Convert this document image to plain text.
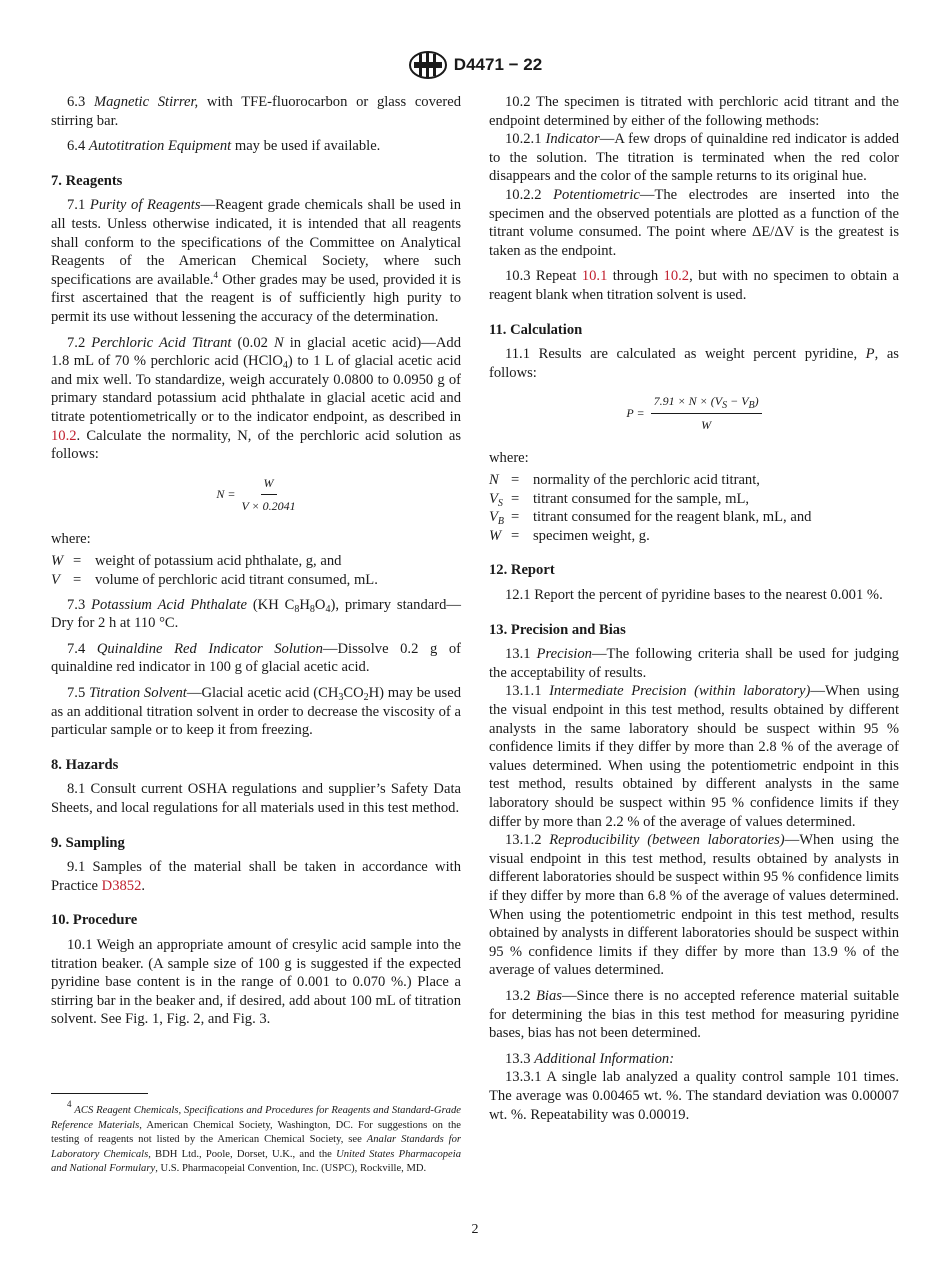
D4471 − 22

6.3 Magnetic Stirrer, with TFE-fluorocarbon or glass covered stirring bar.

6.4 Autotitration Equipment may be used if available.

7. Reagents

7.1 Purity of Reagents—Reagent grade chemicals shall be used in all tests. Unless otherwise indicated, it is intended that all reagents shall conform to the specifications of the Committee on Analytical Reagents of the American Chemical Society, where such specifications are available.$^4$ Other grades may be used, provided it is first ascertained that the reagent is of sufficiently high purity to permit its use without lessening the accuracy of the determination.

7.2 Perchloric Acid Titrant (0.02 N in glacial acetic acid)—Add 1.8 mL of 70 % perchloric acid (HClO$_4$) to 1 L of glacial acetic acid and mix well. To standardize, weigh accurately 0.0800 to 0.0950 g of primary standard potassium acid phthalate in glacial acetic acid and titrate potentiometrically or to the indicator endpoint, as described in 10.2. Calculate the normality, N, of the perchloric acid solution as follows:

$N = \frac{W}{V \times 0.2041}$
where:
W = weight of potassium acid phthalate, g, and
V = volume of perchloric acid titrant consumed, mL.

7.3 Potassium Acid Phthalate (KH $C_8H_8O_4$), primary standard—Dry for 2 h at 110 °C.

7.4 Quinaldine Red Indicator Solution—Dissolve 0.2 g of quinaldine red indicator in 100 g of glacial acetic acid.

7.5 Titration Solvent—Glacial acetic acid $(CH_3CO_2H)$ may be used as an additional titration solvent in order to decrease the viscosity of a particular sample or to keep it from freezing.

8. Hazards

8.1 Consult current OSHA regulations and supplier’s Safety Data Sheets, and local regulations for all materials used in this test method.

9. Sampling

9.1 Samples of the material shall be taken in accordance with Practice D3852.

10. Procedure

10.1 Weigh an appropriate amount of cresylic acid sample into the titration beaker. (A sample size of 100 g is suggested if the expected pyridine base content is in the range of 0.001 to 0.070 %.) Place a stirring bar in the beaker and, if desired, add about 100 mL of titration solvent. See Fig. 1, Fig. 2, and Fig. 3.

$^4$ ACS Reagent Chemicals, Specifications and Procedures for Reagents and Standard-Grade Reference Materials, American Chemical Society, Washington, DC. For suggestions on the testing of reagents not listed by the American Chemical Society, see Analar Standards for Laboratory Chemicals, BDH Ltd., Poole, Dorset, U.K., and the United States Pharmacopeia and National Formulary, U.S. Pharmacopeial Convention, Inc. (USPC), Rockville, MD.

10.2 The specimen is titrated with perchloric acid titrant and the endpoint determined by either of the following methods:

10.2.1 Indicator—A few drops of quinaldine red indicator is added to the solution. The titration is terminated when the red color disappears and the color of the sample returns to its original hue.

10.2.2 Potentiometric—The electrodes are inserted into the specimen and the observed potentials are plotted as a function of the titrant volume consumed. The point where ΔE/ΔV is the greatest is taken as the endpoint.

10.3 Repeat 10.1 through 10.2, but with no specimen to obtain a reagent blank when titration solvent is used.

11. Calculation

11.1 Results are calculated as weight percent pyridine, P, as follows:

$P = \frac{7.91 \times N \times (V_S - V_B)}{W}$
where:
N = normality of the perchloric acid titrant,
$V_S$ = titrant consumed for the sample, mL,
$V_B$ = titrant consumed for the reagent blank, mL, and
W = specimen weight, g.
12. Report

12.1 Report the percent of pyridine bases to the nearest 0.001 %.

13. Precision and Bias

13.1 Precision—The following criteria shall be used for judging the acceptability of results.

13.1.1 Intermediate Precision (within laboratory)—When using the visual endpoint in this test method, results obtained by different analysts in the same laboratory should be suspect within 95 % confidence limits if they differ by more than 2.8 % of the average of values determined. When using the potentiometric endpoint in this test method, results obtained by different analysts in the same laboratory should be suspect within 95 % confidence limits if they differ by more than 2.2 % of the average of values determined.

13.1.2 Reproducibility (between laboratories)—When using the visual endpoint in this test method, results obtained by analysts in different laboratories should be suspect within 95 % confidence limits if they differ by more than 6.8 % of the average of values determined. When using the potentiometric endpoint in this test method, results obtained by analysts in different laboratories should be suspect within 95 % confidence limits if they differ by more than 13.9 % of the average of values determined.

13.2 Bias—Since there is no accepted reference material suitable for determining the bias in this test method for measuring pyridine bases, bias has not been determined.

13.3 Additional Information:

13.3.1 A single lab analyzed a quality control sample 101 times. The average was 0.00465 wt. %. The standard deviation was 0.00007 wt. %. Repeatability was 0.00019.

2
